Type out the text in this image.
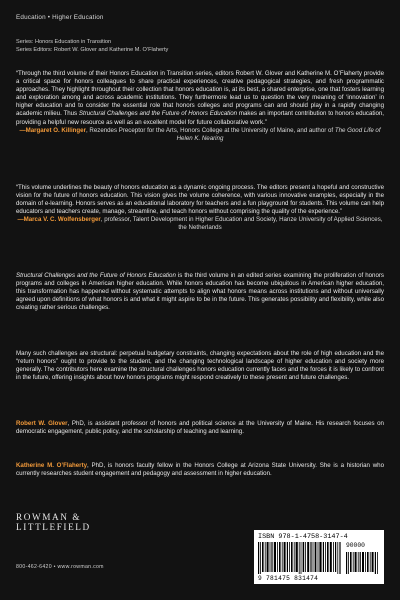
Education • Higher Education
Series: Honors Education in Transition
Series Editors: Robert W. Glover and Katherine M. O’Flaherty

“Through the third volume of their Honors Education in Transition series, editors Robert W. Glover and Katherine M. O’Flaherty provide a critical space for honors colleagues to share practical experiences, creative pedagogical strategies, and fresh programmatic approaches. They highlight throughout their collection that honors education is, at its best, a shared enterprise, one that fosters learning and exploration among and across academic institutions. They furthermore lead us to question the very meaning of ‘innovation’ in higher education and to consider the essential role that honors colleges and programs can and should play in a rapidly changing academic milieu. Thus Structural Challenges and the Future of Honors Education makes an important contribution to honors education, providing a helpful new resource as well as an excellent model for future collaborative work.”
—Margaret O. Killinger, Rezendes Preceptor for the Arts, Honors College at the University of Maine, and author of The Good Life of Helen K. Nearing

“This volume underlines the beauty of honors education as a dynamic ongoing process. The editors present a hopeful and constructive vision for the future of honors education. This vision gives the volume coherence, with various innovative examples, especially in the domain of e-learning. Honors serves as an educational laboratory for teachers and a fun playground for students. This volume can help educators and teachers create, manage, streamline, and teach honors without comprising the quality of the experience.”
—Marca V. C. Wolfensberger, professor, Talent Development in Higher Education and Society, Hanze University of Applied Sciences, the Netherlands

Structural Challenges and the Future of Honors Education is the third volume in an edited series examining the proliferation of honors programs and colleges in American higher education. While honors education has become ubiquitous in American higher education, this transformation has happened without systematic attempts to align what honors means across institutions and without universally agreed upon definitions of what honors is and what it might aspire to be in the future. This generates possibility and flexibility, while also creating rather serious challenges.

Many such challenges are structural: perpetual budgetary constraints, changing expectations about the role of high education and the “return honors” ought to provide to the student, and the changing technological landscape of higher education and society more generally. The contributors here examine the structural challenges honors education currently faces and the forces it is likely to confront in the future, offering insights about how honors programs might respond creatively to these present and future challenges.

Robert W. Glover, PhD, is assistant professor of honors and political science at the University of Maine. His research focuses on democratic engagement, public policy, and the scholarship of teaching and learning.

Katherine M. O’Flaherty, PhD, is honors faculty fellow in the Honors College at Arizona State University. She is a historian who currently researches student engagement and pedagogy and assessment in higher education.

ROWMAN &
LITTLEFIELD
800-462-6420 • www.rowman.com
ISBN 978-1-4758-3147-4
90000
9 781475 831474
